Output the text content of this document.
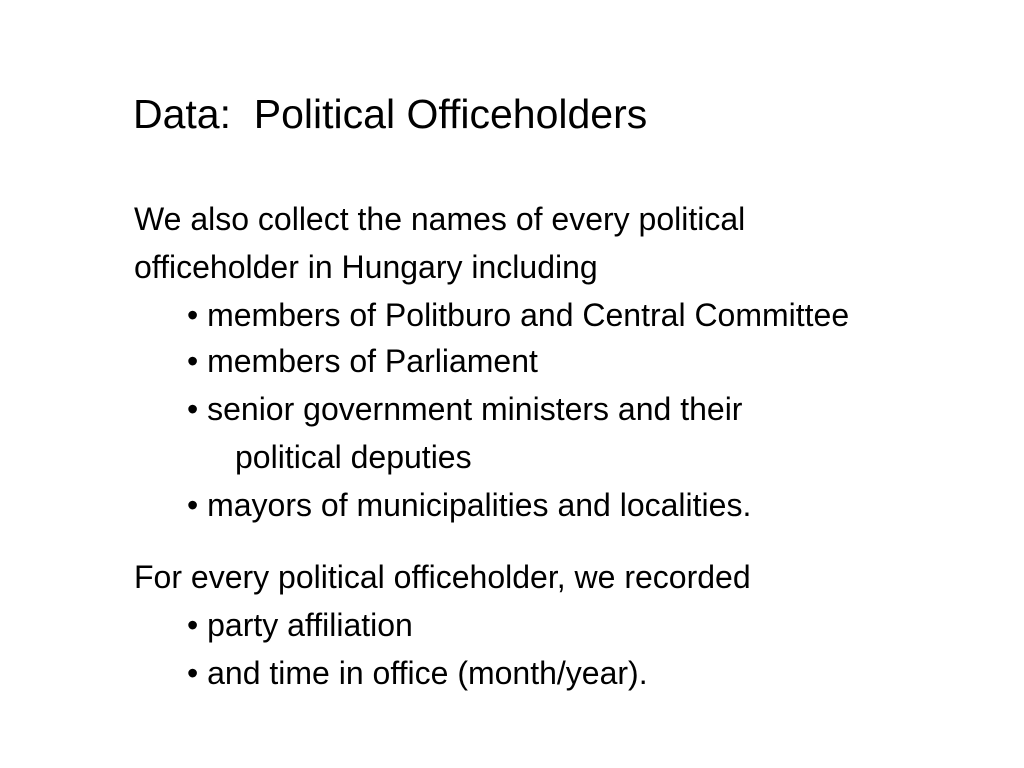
Data:  Political Officeholders
We also collect the names of every political
officeholder in Hungary including
• members of Politburo and Central Committee
• members of Parliament
• senior government ministers and their
political deputies
• mayors of municipalities and localities.
For every political officeholder, we recorded
• party affiliation
• and time in office (month/year).
